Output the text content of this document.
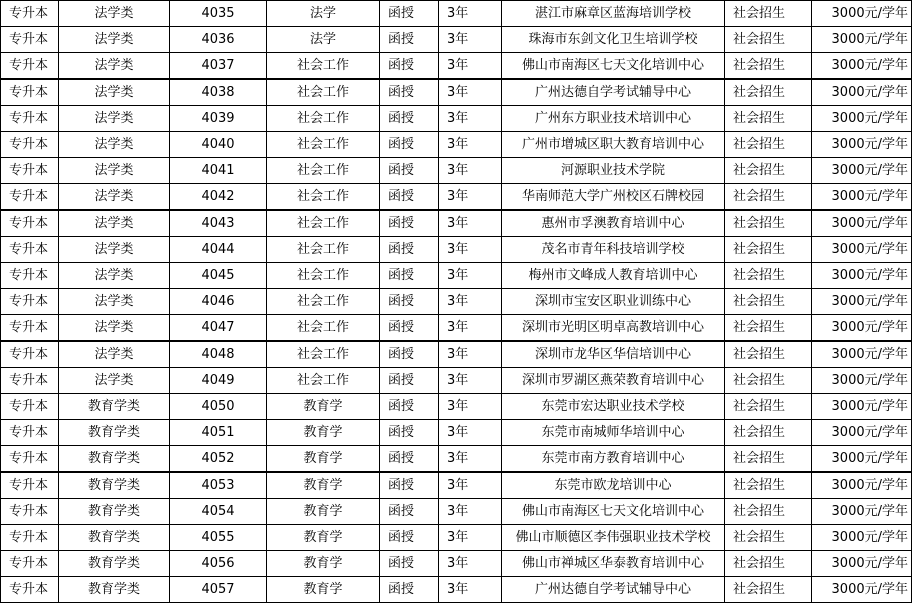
专升本	法学类	4035	法学	函授	3年	湛江市麻章区蓝海培训学校	社会招生	3000元/学年
专升本	法学类	4036	法学	函授	3年	珠海市东剑文化卫生培训学校	社会招生	3000元/学年
专升本	法学类	4037	社会工作	函授	3年	佛山市南海区七天文化培训中心	社会招生	3000元/学年
专升本	法学类	4038	社会工作	函授	3年	广州达德自学考试辅导中心	社会招生	3000元/学年
专升本	法学类	4039	社会工作	函授	3年	广州东方职业技术培训中心	社会招生	3000元/学年
专升本	法学类	4040	社会工作	函授	3年	广州市增城区职大教育培训中心	社会招生	3000元/学年
专升本	法学类	4041	社会工作	函授	3年	河源职业技术学院	社会招生	3000元/学年
专升本	法学类	4042	社会工作	函授	3年	华南师范大学广州校区石牌校园	社会招生	3000元/学年
专升本	法学类	4043	社会工作	函授	3年	惠州市孚澳教育培训中心	社会招生	3000元/学年
专升本	法学类	4044	社会工作	函授	3年	茂名市青年科技培训学校	社会招生	3000元/学年
专升本	法学类	4045	社会工作	函授	3年	梅州市文峰成人教育培训中心	社会招生	3000元/学年
专升本	法学类	4046	社会工作	函授	3年	深圳市宝安区职业训练中心	社会招生	3000元/学年
专升本	法学类	4047	社会工作	函授	3年	深圳市光明区明卓高教培训中心	社会招生	3000元/学年
专升本	法学类	4048	社会工作	函授	3年	深圳市龙华区华信培训中心	社会招生	3000元/学年
专升本	法学类	4049	社会工作	函授	3年	深圳市罗湖区燕荣教育培训中心	社会招生	3000元/学年
专升本	教育学类	4050	教育学	函授	3年	东莞市宏达职业技术学校	社会招生	3000元/学年
专升本	教育学类	4051	教育学	函授	3年	东莞市南城师华培训中心	社会招生	3000元/学年
专升本	教育学类	4052	教育学	函授	3年	东莞市南方教育培训中心	社会招生	3000元/学年
专升本	教育学类	4053	教育学	函授	3年	东莞市欧龙培训中心	社会招生	3000元/学年
专升本	教育学类	4054	教育学	函授	3年	佛山市南海区七天文化培训中心	社会招生	3000元/学年
专升本	教育学类	4055	教育学	函授	3年	佛山市顺德区李伟强职业技术学校	社会招生	3000元/学年
专升本	教育学类	4056	教育学	函授	3年	佛山市禅城区华泰教育培训中心	社会招生	3000元/学年
专升本	教育学类	4057	教育学	函授	3年	广州达德自学考试辅导中心	社会招生	3000元/学年
